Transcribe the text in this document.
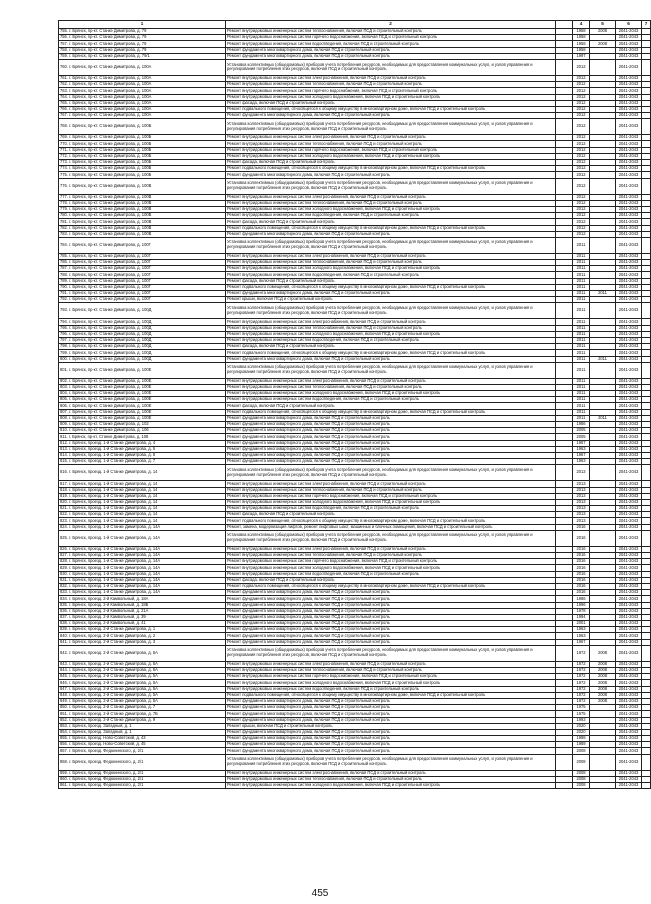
1	2		4	5	6	7
755. г. Брянск, пр-кт. Станке Димитрова, д. 79	Ремонт внутридомовых инженерных систем теплоснабжения, включая ПСД и строительный контроль		1958	2008	2041-2043	
756. г. Брянск, пр-кт. Станке Димитрова, д. 79	Ремонт внутридомовых инженерных систем горячего водоснабжения, включая ПСД и строительный контроль		1958		2041-2043	
757. г. Брянск, пр-кт. Станке Димитрова, д. 79	Ремонт внутридомовых инженерных систем водоотведения, включая ПСД и строительный контроль		1958	2008	2041-2043	
758. г. Брянск, пр-кт. Станке Димитрова, д. 79	Ремонт фундамента многоквартирного дома, включая ПСД и строительный контроль		1958		2041-2043	
759. г. Брянск, пр-кт. Станке Димитрова, д. 79/1	Ремонт фундамента многоквартирного дома, включая ПСД и строительный контроль		1997		2041-2043	
760. г. Брянск, пр-кт. Станке Димитрова, д. 100А	Установка коллективных (общедомовых) приборов учета потребления ресурсов, необходимых для предоставления коммунальных услуп, и узлов управления и регулирования потребления этих ресурсов, включая ПСД и строительный контроль		2012		2041-2043	
761. г. Брянск, пр-кт. Станке Димитрова, д. 100А	Ремонт внутридомовых инженерных систем электроснабжения, включая ПСД и строительный контроль		2012		2041-2043	
762. г. Брянск, пр-кт. Станке Димитрова, д. 100А	Ремонт внутридомовых инженерных систем теплоснабжения, включая ПСД и строительный контроль		2012		2041-2043	
763. г. Брянск, пр-кт. Станке Димитрова, д. 100А	Ремонт внутридомовых инженерных систем горячего водоснабжения, включая ПСД и строительный контроль		2012		2041-2043	
764. г. Брянск, пр-кт. Станке Димитрова, д. 100А	Ремонт внутридомовых инженерных систем холодного водоснабжения, включая ПСД и строительный контроль		2012		2041-2043	
765. г. Брянск, пр-кт. Станке Димитрова, д. 100А	Ремонт фасада, включая ПСД и строительный контроль		2012		2041-2043	
766. г. Брянск, пр-кт. Станке Димитрова, д. 100А	Ремонт подвального помещения, относящегося к общему имуществу в многоквартирном доме, включая ПСД и строительный контроль		2012		2041-2043	
767. г. Брянск, пр-кт. Станке Димитрова, д. 100А	Ремонт фундамента многоквартирного дома, включая ПСД и строительный контроль		2012		2041-2043	
768. г. Брянск, пр-кт. Станке Димитрова, д. 100Б	Установка коллективных (общедомовых) приборов учета потребления ресурсов, необходимых для предоставления коммунальных услуп, и узлов управления и регулирования потребления этих ресурсов, включая ПСД и строительный контроль		2012		2041-2043	
769. г. Брянск, пр-кт. Станке Димитрова, д. 100Б	Ремонт внутридомовых инженерных систем электроснабжения, включая ПСД и строительный контроль		2012		2041-2043	
770. г. Брянск, пр-кт. Станке Димитрова, д. 100Б	Ремонт внутридомовых инженерных систем теплоснабжения, включая ПСД и строительный контроль		2012		2041-2043	
771. г. Брянск, пр-кт. Станке Димитрова, д. 100Б	Ремонт внутридомовых инженерных систем горячего водоснабжения, включая ПСД и строительный контроль		2012		2041-2043	
772. г. Брянск, пр-кт. Станке Димитрова, д. 100Б	Ремонт внутридомовых инженерных систем холодного водоснабжения, включая ПСД и строительный контроль		2012		2041-2043	
773. г. Брянск, пр-кт. Станке Димитрова, д. 100Б	Ремонт фасада, включая ПСД и строительный контроль		2012		2041-2043	
774. г. Брянск, пр-кт. Станке Димитрова, д. 100Б	Ремонт подвального помещения, относящегося к общему имуществу в многоквартирном доме, включая ПСД и строительный контроль		2012		2041-2043	
775. г. Брянск, пр-кт. Станке Димитрова, д. 100Б	Ремонт фундамента многоквартирного дома, включая ПСД и строительный контроль		2012		2041-2043	
776. г. Брянск, пр-кт. Станке Димитрова, д. 100В	Установка коллективных (общедомовых) приборов учета потребления ресурсов, необходимых для предоставления коммунальных услуп, и узлов управления и регулирования потребления этих ресурсов, включая ПСД и строительный контроль		2012		2041-2043	
777. г. Брянск, пр-кт. Станке Димитрова, д. 100В	Ремонт внутридомовых инженерных систем электроснабжения, включая ПСД и строительный контроль		2012		2041-2043	
778. г. Брянск, пр-кт. Станке Димитрова, д. 100В	Ремонт внутридомовых инженерных систем теплоснабжения, включая ПСД и строительный контроль		2012		2041-2043	
779. г. Брянск, пр-кт. Станке Димитрова, д. 100В	Ремонт внутридомовых инженерных систем холодного водоснабжения, включая ПСД и строительный контроль		2012		2041-2043	
780. г. Брянск, пр-кт. Станке Димитрова, д. 100В	Ремонт внутридомовых инженерных систем водоотведения, включая ПСД и строительный контроль		2012		2041-2043	
781. г. Брянск, пр-кт. Станке Димитрова, д. 100В	Ремонт фасада, включая ПСД и строительный контроль		2012		2041-2043	
782. г. Брянск, пр-кт. Станке Димитрова, д. 100В	Ремонт подвального помещения, относящегося к общему имуществу в многоквартирном доме, включая ПСД и строительный контроль		2012		2041-2043	
783. г. Брянск, пр-кт. Станке Димитрова, д. 100В	Ремонт фундамента многоквартирного дома, включая ПСД и строительный контроль		2012		2041-2043	
784. г. Брянск, пр-кт. Станке Димитрова, д. 100Г	Установка коллективных (общедомовых) приборов учета потребления ресурсов, необходимых для предоставления коммунальных услуп, и узлов управления и регулирования потребления этих ресурсов, включая ПСД и строительный контроль		2011		2041-2043	
785. г. Брянск, пр-кт. Станке Димитрова, д. 100Г	Ремонт внутридомовых инженерных систем электроснабжения, включая ПСД и строительный контроль		2011		2041-2043	
786. г. Брянск, пр-кт. Станке Димитрова, д. 100Г	Ремонт внутридомовых инженерных систем теплоснабжения, включая ПСД и строительный контроль		2011		2041-2043	
787. г. Брянск, пр-кт. Станке Димитрова, д. 100Г	Ремонт внутридомовых инженерных систем холодного водоснабжения, включая ПСД и строительный контроль		2011		2041-2043	
788. г. Брянск, пр-кт. Станке Димитрова, д. 100Г	Ремонт внутридомовых инженерных систем водоотведения, включая ПСД и строительный контроль		2011		2041-2043	
789. г. Брянск, пр-кт. Станке Димитрова, д. 100Г	Ремонт фасада, включая ПСД и строительный контроль		2011		2041-2043	
790. г. Брянск, пр-кт. Станке Димитрова, д. 100Г	Ремонт подвального помещения, относящегося к общему имуществу в многоквартирном доме, включая ПСД и строительный контроль		2011		2041-2043	
791. г. Брянск, пр-кт. Станке Димитрова, д. 100Г	Ремонт фундамента многоквартирного дома, включая ПСД и строительный контроль		2011	2011	2041-2043	
792. г. Брянск, пр-кт. Станке Димитрова, д. 100Г	Ремонт крыши, включая ПСД и строительный контроль		2011		2041-2043	
793. г. Брянск, пр-кт. Станке Димитрова, д. 100Д	Установка коллективных (общедомовых) приборов учета потребления ресурсов, необходимых для предоставления коммунальных услуп, и узлов управления и регулирования потребления этих ресурсов, включая ПСД и строительный контроль		2011		2041-2043	
794. г. Брянск, пр-кт. Станке Димитрова, д. 100Д	Ремонт внутридомовых инженерных систем электроснабжения, включая ПСД и строительный контроль		2011		2041-2043	
795. г. Брянск, пр-кт. Станке Димитрова, д. 100Д	Ремонт внутридомовых инженерных систем теплоснабжения, включая ПСД и строительный контроль		2011		2041-2043	
796. г. Брянск, пр-кт. Станке Димитрова, д. 100Д	Ремонт внутридомовых инженерных систем холодного водоснабжения, включая ПСД и строительный контроль		2011		2041-2043	
797. г. Брянск, пр-кт. Станке Димитрова, д. 100Д	Ремонт внутридомовых инженерных систем водоотведения, включая ПСД и строительный контроль		2011		2041-2043	
798. г. Брянск, пр-кт. Станке Димитрова, д. 100Д	Ремонт фасада, включая ПСД и строительный контроль		2011		2041-2043	
799. г. Брянск, пр-кт. Станке Димитрова, д. 100Д	Ремонт подвального помещения, относящегося к общему имуществу в многоквартирном доме, включая ПСД и строительный контроль		2011		2041-2043	
800. г. Брянск, пр-кт. Станке Димитрова, д. 100Д	Ремонт фундамента многоквартирного дома, включая ПСД и строительный контроль		2011	2011	2041-2043	
801. г. Брянск, пр-кт. Станке Димитрова, д. 100Е	Установка коллективных (общедомовых) приборов учета потребления ресурсов, необходимых для предоставления коммунальных услуп, и узлов управления и регулирования потребления этих ресурсов, включая ПСД и строительный контроль		2011		2041-2043	
802. г. Брянск, пр-кт. Станке Димитрова, д. 100Е	Ремонт внутридомовых инженерных систем электроснабжения, включая ПСД и строительный контроль		2011		2041-2043	
803. г. Брянск, пр-кт. Станке Димитрова, д. 100Е	Ремонт внутридомовых инженерных систем теплоснабжения, включая ПСД и строительный контроль		2011		2041-2043	
804. г. Брянск, пр-кт. Станке Димитрова, д. 100Е	Ремонт внутридомовых инженерных систем холодного водоснабжения, включая ПСД и строительный контроль		2011		2041-2043	
805. г. Брянск, пр-кт. Станке Димитрова, д. 100Е	Ремонт внутридомовых инженерных систем водоотведения, включая ПСД и строительный контроль		2011		2041-2043	
806. г. Брянск, пр-кт. Станке Димитрова, д. 100Е	Ремонт фасада, включая ПСД и строительный контроль		2011		2041-2043	
807. г. Брянск, пр-кт. Станке Димитрова, д. 100Е	Ремонт подвального помещения, относящегося к общему имуществу в многоквартирном доме, включая ПСД и строительный контроль		2011		2041-2043	
808. г. Брянск, пр-кт. Станке Димитрова, д. 100Е	Ремонт фундамента многоквартирного дома, включая ПСД и строительный контроль		2011	2011	2041-2043	
809. г. Брянск, пр-кт. Станке Димитрова, д. 102	Ремонт фундамента многоквартирного дома, включая ПСД и строительный контроль		1986		2041-2043	
810. г. Брянск, пр-кт. Станке Димитрова, д. 106	Ремонт фундамента многоквартирного дома, включая ПСД и строительный контроль		2005		2041-2043	
811. г. Брянск, пр-кт. Станке Димитрова, д. 108	Ремонт фундамента многоквартирного дома, включая ПСД и строительный контроль		2005		2041-2043	
812. г. Брянск, проезд. 1-й Станке Димитрова, д. 4	Ремонт фундамента многоквартирного дома, включая ПСД и строительный контроль		1967		2041-2043	
813. г. Брянск, проезд. 1-й Станке Димитрова, д. 5	Ремонт фундамента многоквартирного дома, включая ПСД и строительный контроль		1963		2041-2043	
814. г. Брянск, проезд. 1-й Станке Димитрова, д. 6	Ремонт фундамента многоквартирного дома, включая ПСД и строительный контроль		1967		2041-2043	
815. г. Брянск, проезд. 1-й Станке Димитрова, д. 7	Ремонт фундамента многоквартирного дома, включая ПСД и строительный контроль		1963		2041-2043	
816. г. Брянск, проезд. 1-й Станке Димитрова, д. 14	Установка коллективных (общедомовых) приборов учета потребления ресурсов, необходимых для предоставления коммунальных услуп, и узлов управления и регулирования потребления этих ресурсов, включая ПСД и строительный контроль		2013		2041-2043	
817. г. Брянск, проезд. 1-й Станке Димитрова, д. 14	Ремонт внутридомовых инженерных систем электроснабжения, включая ПСД и строительный контроль		2013		2041-2043	
818. г. Брянск, проезд. 1-й Станке Димитрова, д. 14	Ремонт внутридомовых инженерных систем теплоснабжения, включая ПСД и строительный контроль		2013		2041-2043	
819. г. Брянск, проезд. 1-й Станке Димитрова, д. 14	Ремонт внутридомовых инженерных систем горячего водоснабжения, включая ПСД и строительный контроль		2013		2041-2043	
820. г. Брянск, проезд. 1-й Станке Димитрова, д. 14	Ремонт внутридомовых инженерных систем холодного водоснабжения, включая ПСД и строительный контроль		2013		2041-2043	
821. г. Брянск, проезд. 1-й Станке Димитрова, д. 14	Ремонт внутридомовых инженерных систем водоотведения, включая ПСД и строительный контроль		2013		2041-2043	
822. г. Брянск, проезд. 1-й Станке Димитрова, д. 14	Ремонт фасада, включая ПСД и строительный контроль		2013		2041-2043	
823. г. Брянск, проезд. 1-й Станке Димитрова, д. 14	Ремонт подвального помещения, относящегося к общему имуществу в многоквартирном доме, включая ПСД и строительный контроль		2013		2041-2043	
824. г. Брянск, проезд. 1-й Станке Димитрова, д. 14А	Ремонт, замена, модернизация лифтов, ремонт лифтовых шахт, машинных и блочных помещений, включая ПСД и строительный контроль		2016		2041-2043	
825. г. Брянск, проезд. 1-й Станке Димитрова, д. 14А	Установка коллективных (общедомовых) приборов учета потребления ресурсов, необходимых для предоставления коммунальных услуп, и узлов управления и регулирования потребления этих ресурсов, включая ПСД и строительный контроль		2016		2041-2043	
826. г. Брянск, проезд. 1-й Станке Димитрова, д. 14А	Ремонт внутридомовых инженерных систем электроснабжения, включая ПСД и строительный контроль		2016		2041-2043	
827. г. Брянск, проезд. 1-й Станке Димитрова, д. 14А	Ремонт внутридомовых инженерных систем теплоснабжения, включая ПСД и строительный контроль		2016		2041-2043	
828. г. Брянск, проезд. 1-й Станке Димитрова, д. 14А	Ремонт внутридомовых инженерных систем горячего водоснабжения, включая ПСД и строительный контроль		2016		2041-2043	
829. г. Брянск, проезд. 1-й Станке Димитрова, д. 14А	Ремонт внутридомовых инженерных систем холодного водоснабжения, включая ПСД и строительный контроль		2016		2041-2043	
830. г. Брянск, проезд. 1-й Станке Димитрова, д. 14А	Ремонт внутридомовых инженерных систем водоотведения, включая ПСД и строительный контроль		2016		2041-2043	
831. г. Брянск, проезд. 1-й Станке Димитрова, д. 14А	Ремонт фасада, включая ПСД и строительный контроль		2016		2041-2043	
832. г. Брянск, проезд. 1-й Станке Димитрова, д. 14А	Ремонт подвального помещения, относящегося к общему имуществу в многоквартирном доме, включая ПСД и строительный контроль		2016		2041-2043	
833. г. Брянск, проезд. 1-й Станке Димитрова, д. 14А	Ремонт фундамента многоквартирного дома, включая ПСД и строительный контроль		2016		2041-2043	
834. г. Брянск, проезд. 2-й Камвольный, д. 18А	Ремонт фундамента многоквартирного дома, включая ПСД и строительный контроль		1986		2041-2043	
835. г. Брянск, проезд. 2-й Камвольный, д. 18Б	Ремонт фундамента многоквартирного дома, включая ПСД и строительный контроль		1996		2041-2043	
836. г. Брянск, проезд. 2-й Камвольный, д. 21А	Ремонт фундамента многоквартирного дома, включая ПСД и строительный контроль		1978		2041-2043	
837. г. Брянск, проезд. 2-й Камвольный, д. 39	Ремонт фундамента многоквартирного дома, включая ПСД и строительный контроль		1994		2041-2043	
838. г. Брянск, проезд. 2-й Камвольный, д. 41	Ремонт фундамента многоквартирного дома, включая ПСД и строительный контроль		2001		2041-2043	
839. г. Брянск, проезд. 2-й Станке Димитрова, д. 1	Ремонт фундамента многоквартирного дома, включая ПСД и строительный контроль		1963		2041-2043	
840. г. Брянск, проезд. 2-й Станке Димитрова, д. 2	Ремонт фундамента многоквартирного дома, включая ПСД и строительный контроль		1963		2041-2043	
841. г. Брянск, проезд. 2-й Станке Димитрова, д. 3	Ремонт фундамента многоквартирного дома, включая ПСД и строительный контроль		1967		2041-2043	
842. г. Брянск, проезд. 2-й Станке Димитрова, д. 5А	Установка коллективных (общедомовых) приборов учета потребления ресурсов, необходимых для предоставления коммунальных услуп, и узлов управления и регулирования потребления этих ресурсов, включая ПСД и строительный контроль		1972	2008	2041-2043	
843. г. Брянск, проезд. 2-й Станке Димитрова, д. 5А	Ремонт внутридомовых инженерных систем электроснабжения, включая ПСД и строительный контроль		1972	2008	2041-2043	
844. г. Брянск, проезд. 2-й Станке Димитрова, д. 5А	Ремонт внутридомовых инженерных систем теплоснабжения, включая ПСД и строительный контроль		1972	2008	2041-2043	
845. г. Брянск, проезд. 2-й Станке Димитрова, д. 5А	Ремонт внутридомовых инженерных систем горячего водоснабжения, включая ПСД и строительный контроль		1972	2008	2041-2043	
846. г. Брянск, проезд. 2-й Станке Димитрова, д. 5А	Ремонт внутридомовых инженерных систем холодного водоснабжения, включая ПСД и строительный контроль		1972	2008	2041-2043	
847. г. Брянск, проезд. 2-й Станке Димитрова, д. 5А	Ремонт внутридомовых инженерных систем водоотведения, включая ПСД и строительный контроль		1972	2008	2041-2043	
848. г. Брянск, проезд. 2-й Станке Димитрова, д. 5А	Ремонт подвального помещения, относящегося к общему имуществу в многоквартирном доме, включая ПСД и строительный контроль		1972	2008	2041-2043	
849. г. Брянск, проезд. 2-й Станке Димитрова, д. 5А	Ремонт фундамента многоквартирного дома, включая ПСД и строительный контроль		1972	2008	2041-2043	
850. г. Брянск, проезд. 2-й Станке Димитрова, д. 7	Ремонт фундамента многоквартирного дома, включая ПСД и строительный контроль		1975		2041-2043	
851. г. Брянск, проезд. 2-й Станке Димитрова, д. 7Б	Ремонт фундамента многоквартирного дома, включая ПСД и строительный контроль		1975		2041-2043	
852. г. Брянск, проезд. 2-й Станке Димитрова, д. 9	Ремонт фундамента многоквартирного дома, включая ПСД и строительный контроль		1993		2041-2043	
853. г. Брянск, проезд. Западный, д. 1	Ремонт крыши, включая ПСД и строительный контроль		2020		2041-2043	
854. г. Брянск, проезд. Западный, д. 1	Ремонт фундамента многоквартирного дома, включая ПСД и строительный контроль		2020		2041-2043	
855. г. Брянск, проезд. Ново-Советский, д. 43	Ремонт фундамента многоквартирного дома, включая ПСД и строительный контроль		1988		2041-2043	
856. г. Брянск, проезд. Ново-Советский, д. 45	Ремонт фундамента многоквартирного дома, включая ПСД и строительный контроль		1989		2041-2043	
857. г. Брянск, проезд. Федюнинского, д. 2/1	Ремонт фундамента многоквартирного дома, включая ПСД и строительный контроль		2008		2041-2043	
858. г. Брянск, проезд. Федюнинского, д. 2/1	Установка коллективных (общедомовых) приборов учета потребления ресурсов, необходимых для предоставления коммунальных услуп, и узлов управления и регулирования потребления этих ресурсов, включая ПСД и строительный контроль		2008		2041-2043	
859. г. Брянск, проезд. Федюнинского, д. 2/1	Ремонт внутридомовых инженерных систем электроснабжения, включая ПСД и строительный контроль		2008		2041-2043	
860. г. Брянск, проезд. Федюнинского, д. 2/1	Ремонт внутридомовых инженерных систем теплоснабжения, включая ПСД и строительный контроль		2008		2041-2043	
861. г. Брянск, проезд. Федюнинского, д. 2/1	Ремонт внутридомовых инженерных систем холодного водоснабжения, включая ПСД и строительный контроль		2008		2041-2043	
455
